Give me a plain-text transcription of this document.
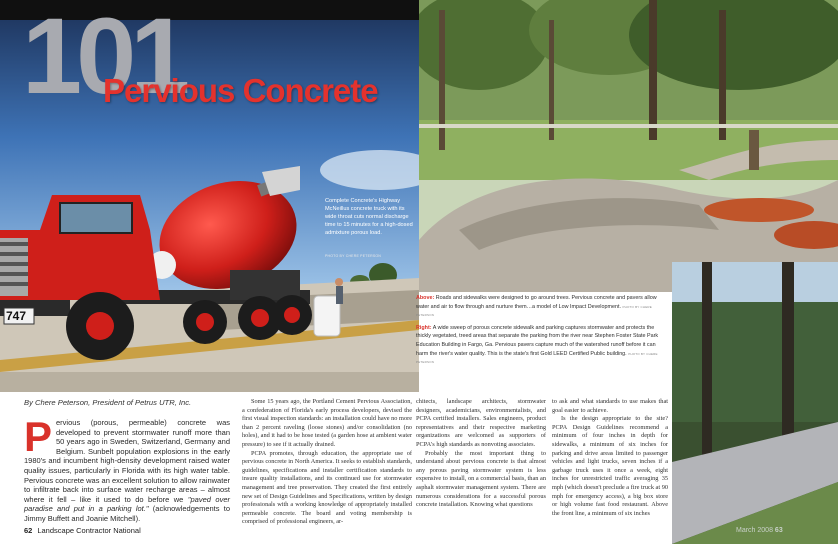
747
101
Pervious Concrete
Complete Concrete's Highway McNeillus concrete truck with its wide throat cuts normal discharge time to 15 minutes for a high-dosed admixture porous load.
PHOTO BY CHERE PETERSON
March 2008 63

Above: Roads and sidewalks were designed to go around trees. Pervious concrete and pavers allow water and air to flow through and nurture them…a model of Low Impact Development. PHOTO BY CHERE PETERSON

Right: A wide sweep of porous concrete sidewalk and parking captures stormwater and protects the thickly vegetated, treed areas that separate the parking from the river near Stephen Foster State Park Education Building in Fargo, Ga. Pervious pavers capture much of the watershed runoff before it can harm the river's water quality. This is the state's first Gold LEED Certified Public building. PHOTO BY CHERE PETERSON

By Chere Peterson, President of Petrus UTR, Inc.
Pervious (porous, permeable) concrete was developed to prevent stormwater runoff more than 50 years ago in Sweden, Switzerland, Germany and Belgium. Sunbelt population explosions in the early 1980's and incumbent high-density development raised water quality issues, particularly in Florida with its high water table. Pervious concrete was an excellent solution to allow rainwater to infiltrate back into surface water recharge areas – almost where it fell – like it used to do before we "paved over paradise and put in a parking lot." (acknowledgements to Jimmy Buffett and Joanie Mitchell).

Some 15 years ago, the Portland Cement Pervious Association, a confederation of Florida's early process developers, devised the first visual inspection standards: an installation could have no more than 2 percent raveling (loose stones) and/or consolidation (no holes), and it had to be hose tested (a garden hose at ambient water pressure) to see if it actually drained.

PCPA promotes, through education, the appropriate use of pervious concrete in North America. It seeks to establish standards, guidelines, specifications and installer certification standards to insure quality installations, and its continued use for stormwater management and tree preservation. They created the first entirely new set of Design Guidelines and Specifications, written by design professionals with a working knowledge of appropriately installed permeable concrete. The board and voting membership is comprised of professional engineers, ar-

chitects, landscape architects, stormwater designers, academicians, environmentalists, and PCPA certified installers. Sales engineers, product representatives and their respective marketing organizations are welcomed as supporters of PCPA's high standards as nonvoting associates.

Probably the most important thing to understand about pervious concrete is that almost any porous paving stormwater system is less expensive to install, on a commercial basis, than an asphalt stormwater management system. There are numerous considerations for a successful porous concrete installation. Knowing what questions

to ask and what standards to use makes that goal easier to achieve.

Is the design appropriate to the site? PCPA Design Guidelines recommend a minimum of four inches in depth for sidewalks, a minimum of six inches for parking and drive areas limited to passenger vehicles and light trucks, seven inches if a garbage truck uses it once a week, eight inches for unrestricted traffic averaging 35 mph (which doesn't preclude a fire truck at 90 mph for emergency access), a big box store or high volume fast food restaurant. Above the front line, a minimum of six inches

62 Landscape Contractor National
